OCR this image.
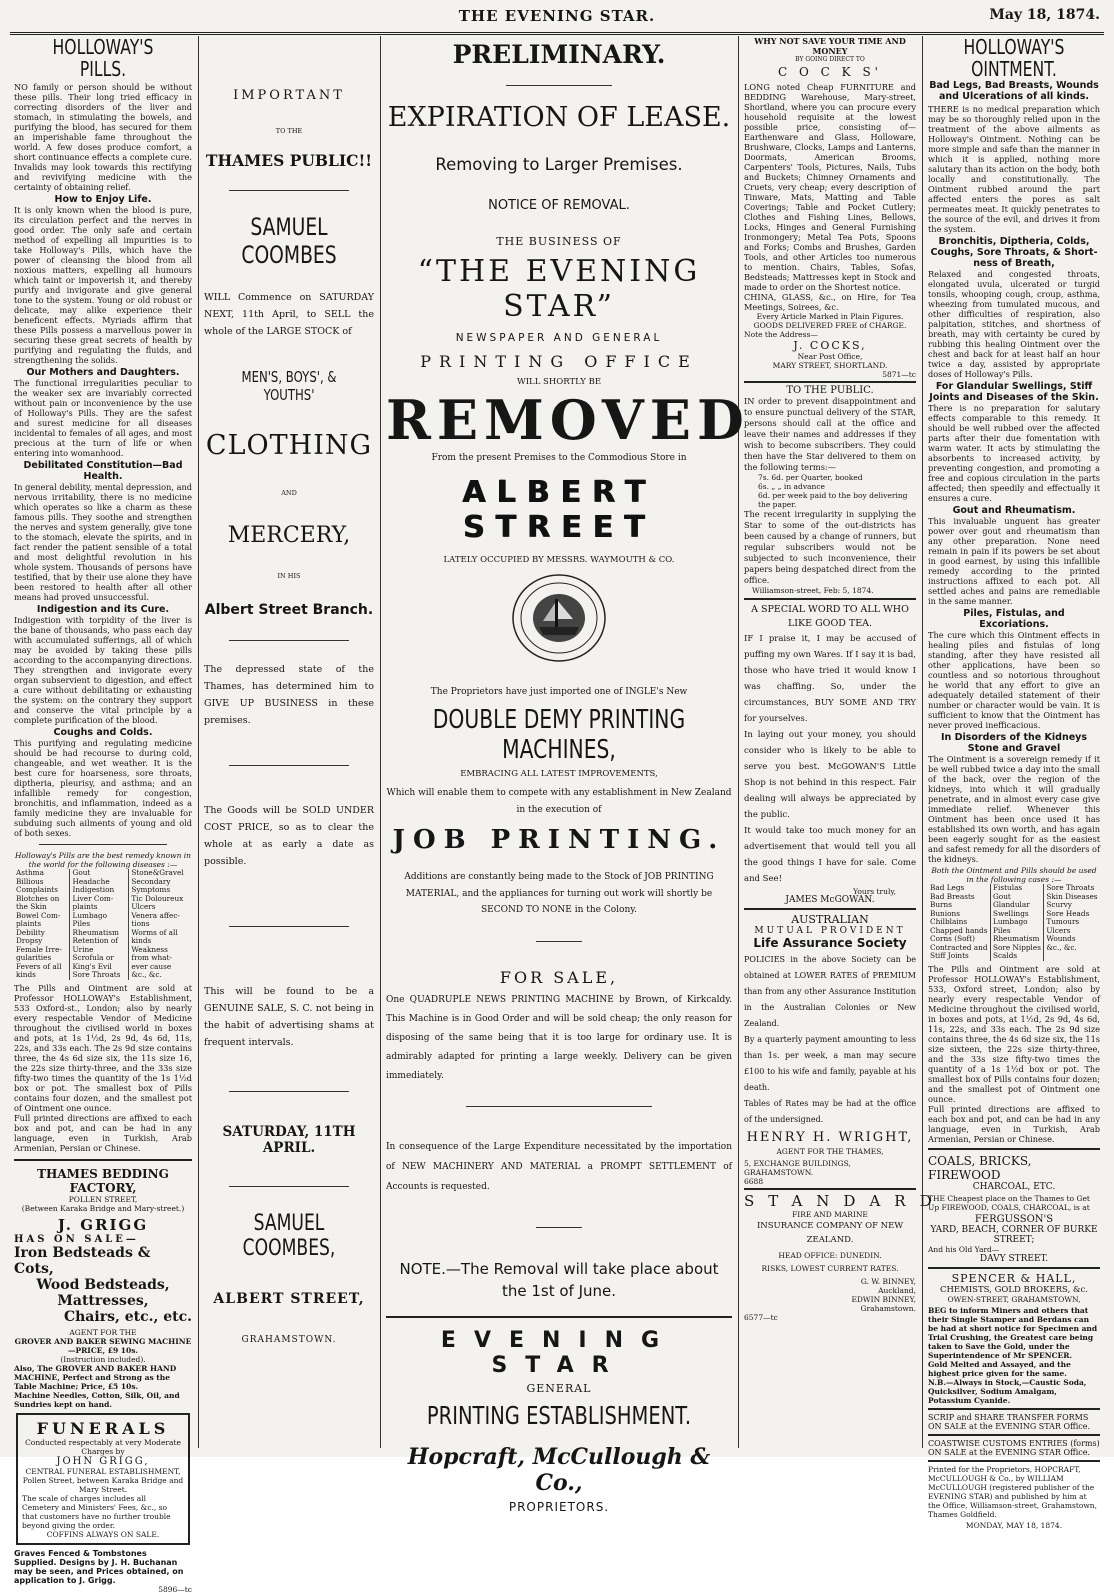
THE EVENING STAR.	May 18, 1874.
HOLLOWAY'S PILLS.

NO family or person should be without these pills. Their long tried efficacy in correcting disorders of the liver and stomach, in stimulating the bowels, and purifying the blood, has secured for them an imperishable fame throughout the world. A few doses produce comfort, a short continuance effects a complete cure. Invalids may look towards this rectifying and revivifying medicine with the certainty of obtaining relief.

How to Enjoy Life.

It is only known when the blood is pure, its circulation perfect and the nerves in good order. The only safe and certain method of expelling all impurities is to take Holloway's Pills, which have the power of cleansing the blood from all noxious matters, expelling all humours which taint or impoverish it, and thereby purify and invigorate and give general tone to the system. Young or old robust or delicate, may alike experience their beneficent effects. Myriads affirm that these Pills possess a marvellous power in securing these great secrets of health by purifying and regulating the fluids, and strengthening the solids.

Our Mothers and Daughters.

The functional irregularities peculiar to the weaker sex are invariably corrected without pain or inconvenience by the use of Holloway's Pills. They are the safest and surest medicine for all diseases incidental to females of all ages, and most precious at the turn of life or when entering into womanhood.

Debilitated Constitution—Bad Health.

In general debility, mental depression, and nervous irritability, there is no medicine which operates so like a charm as these famous pills. They soothe and strengthen the nerves and system generally, give tone to the stomach, elevate the spirits, and in fact render the patient sensible of a total and most delightful revolution in his whole system. Thousands of persons have testified, that by their use alone they have been restored to health after all other means had proved unsuccessful.

Indigestion and its Cure.

Indigestion with torpidity of the liver is the bane of thousands, who pass each day with accumulated sufferings, all of which may be avoided by taking these pills according to the accompanying directions. They strengthen and invigorate every organ subservient to digestion, and effect a cure without debilitating or exhausting the system: on the contrary they support and conserve the vital principle by a complete purification of the blood.

Coughs and Colds.

This purifying and regulating medicine should be had recourse to during cold, changeable, and wet weather. It is the best cure for hoarseness, sore throats, diptheria, pleurisy, and asthma; and an infallible remedy for congestion, bronchitis, and inflammation, indeed as a family medicine they are invaluable for subduing such ailments of young and old of both sexes.

Holloway's Pills are the best remedy known in the world for the following diseases :—

Asthma	Gout	Stone&Gravel
Billious	Headache	Secondary
Complaints	Indigestion	Symptoms
Blotches on	Liver Com-	Tic Doloureux
the Skin	plaints	Ulcers
Bowel Com-	Lumbago	Venera affec-
plaints	Piles	tions
Debility	Rheumatism	Worms of all
Dropsy	Retention of	kinds
Female Irre-	Urine	Weakness
gularities	Scrofula or	from what-
Fevers of all	King's Evil	ever cause
kinds	Sore Throats	&c., &c.

The Pills and Ointment are sold at Professor HOLLOWAY's Establishment, 533 Oxford-st., London; also by nearly every respectable Vendor of Medicine throughout the civilised world in boxes and pots, at 1s 1½d, 2s 9d, 4s 6d, 11s, 22s, and 33s each. The 2s 9d size contains three, the 4s 6d size six, the 11s size 16, the 22s size thirty-three, and the 33s size fifty-two times the quantity of the 1s 1½d box or pot. The smallest box of Pills contains four dozen, and the smallest pot of Ointment one ounce.

Full printed directions are affixed to each box and pot, and can be had in any language, even in Turkish, Arab Armenian, Persian or Chinese.

THAMES BEDDING FACTORY,

POLLEN STREET,

(Between Karaka Bridge and Mary-street.)

J. GRIGG

HAS ON SALE—

Iron Bedsteads & Cots,

Wood Bedsteads,

Mattresses,

Chairs, etc., etc.

AGENT FOR THE

GROVER AND BAKER SEWING MACHINE—PRICE, £9 10s.

(Instruction included).

Also, The GROVER AND BAKER HAND MACHINE, Perfect and Strong as the Table Machine; Price, £5 10s.

Machine Needles, Cotton, Silk, Oil, and Sundries kept on hand.

FUNERALS

Conducted respectably at very Moderate Charges by

JOHN GRIGG,

CENTRAL FUNERAL ESTABLISHMENT,

Pollen Street, between Karaka Bridge and Mary Street.

The scale of charges includes all Cemetery and Ministers' Fees, &c., so that customers have no further trouble beyond giving the order.

COFFINS ALWAYS ON SALE.

Graves Fenced & Tombstones Supplied. Designs by J. H. Buchanan may be seen, and Prices obtained, on application to J. Grigg.

5896—tc

IMPORTANT

TO THE

THAMES PUBLIC!!

SAMUEL COOMBES

WILL Commence on SATURDAY NEXT, 11th April, to SELL the whole of the LARGE STOCK of

MEN'S, BOYS', & YOUTHS'

CLOTHING

AND

MERCERY,

IN HIS

Albert Street Branch.

The depressed state of the Thames, has determined him to GIVE UP BUSINESS in these premises.

The Goods will be SOLD UNDER COST PRICE, so as to clear the whole at as early a date as possible.

This will be found to be a GENUINE SALE, S. C. not being in the habit of advertising shams at frequent intervals.

SATURDAY, 11TH APRIL.

SAMUEL COOMBES,

ALBERT STREET,

GRAHAMSTOWN.

PRELIMINARY.

EXPIRATION OF LEASE.

Removing to Larger Premises.

NOTICE OF REMOVAL.

THE BUSINESS OF

“THE EVENING STAR”

NEWSPAPER AND GENERAL

PRINTING OFFICE

WILL SHORTLY BE

REMOVED

From the present Premises to the Commodious Store in

ALBERT STREET

LATELY OCCUPIED BY MESSRS. WAYMOUTH & CO.

The Proprietors have just imported one of INGLE's New

DOUBLE DEMY PRINTING MACHINES,

EMBRACING ALL LATEST IMPROVEMENTS,

Which will enable them to compete with any establishment in New Zealand in the execution of

JOB PRINTING.

Additions are constantly being made to the Stock of JOB PRINTING MATERIAL, and the appliances for turning out work will shortly be

SECOND TO NONE in the Colony.

FOR SALE,

One QUADRUPLE NEWS PRINTING MACHINE by Brown, of Kirkcaldy. This Machine is in Good Order and will be sold cheap; the only reason for disposing of the same being that it is too large for ordinary use. It is admirably adapted for printing a large weekly. Delivery can be given immediately.

In consequence of the Large Expenditure necessitated by the importation of NEW MACHINERY AND MATERIAL a PROMPT SETTLEMENT of Accounts is requested.

NOTE.—The Removal will take place about the 1st of June.

EVENING STAR

GENERAL

PRINTING ESTABLISHMENT.

Hopcraft, McCullough & Co.,

PROPRIETORS.

WHY NOT SAVE YOUR TIME AND MONEY

BY GOING DIRECT TO

C O C K S'

LONG noted Cheap FURNITURE and BEDDING Warehouse, Mary-street, Shortland, where you can procure every household requisite at the lowest possible price, consisting of—Earthenware and Glass, Holloware, Brushware, Clocks, Lamps and Lanterns, Doormats, American Brooms, Carpenters' Tools, Pictures, Nails, Tubs and Buckets; Chimney Ornaments and Cruets, very cheap; every description of Tinware, Mats, Matting and Table Coverings; Table and Pocket Cutlery; Clothes and Fishing Lines, Bellows, Locks, Hinges and General Furnishing Ironmongery; Metal Tea Pots, Spoons and Forks; Combs and Brushes, Garden Tools, and other Articles too numerous to mention. Chairs, Tables, Sofas, Bedsteads; Mattresses kept in Stock and made to order on the Shortest notice.

CHINA, GLASS, &c., on Hire, for Tea Meetings, Soirees, &c.

Every Article Marked in Plain Figures.

GOODS DELIVERED FREE of CHARGE.

Note the Address—

J. COCKS,

Near Post Office,

MARY STREET, SHORTLAND.

5871—tc

TO THE PUBLIC.

IN order to prevent disappointment and to ensure punctual delivery of the STAR, persons should call at the office and leave their names and addresses if they wish to become subscribers. They could then have the Star delivered to them on the following terms:—

7s. 6d. per Quarter, booked

6s. „ „ in advance

6d. per week paid to the boy delivering the paper.

The recent irregularity in supplying the Star to some of the out-districts has been caused by a change of runners, but regular subscribers would not be subjected to such inconvenience, their papers being despatched direct from the office.

Williamson-street, Feb: 5, 1874.

A SPECIAL WORD TO ALL WHO LIKE GOOD TEA.

IF I praise it, I may be accused of puffing my own Wares. If I say it is bad, those who have tried it would know I was chaffing. So, under the circumstances, BUY SOME AND TRY for yourselves.

In laying out your money, you should consider who is likely to be able to serve you best. McGOWAN'S Little Shop is not behind in this respect. Fair dealing will always be appreciated by the public.

It would take too much money for an advertisement that would tell you all the good things I have for sale. Come and See!

Yours truly,

JAMES McGOWAN.

AUSTRALIAN

MUTUAL PROVIDENT

Life Assurance Society

POLICIES in the above Society can be obtained at LOWER RATES of PREMIUM than from any other Assurance Institution in the Australian Colonies or New Zealand.

By a quarterly payment amounting to less than 1s. per week, a man may secure £100 to his wife and family, payable at his death.

Tables of Rates may be had at the office of the undersigned.

HENRY H. WRIGHT,

AGENT FOR THE THAMES,

5, EXCHANGE BUILDINGS, GRAHAMSTOWN.

6688

STANDARD

FIRE AND MARINE

INSURANCE COMPANY OF NEW ZEALAND.

HEAD OFFICE: DUNEDIN.

RISKS, LOWEST CURRENT RATES.

G. W. BINNEY,

Auckland,

EDWIN BINNEY,

Grahamstown.

6577—tc

HOLLOWAY'S OINTMENT.

Bad Legs, Bad Breasts, Wounds and Ulcerations of all kinds.

THERE is no medical preparation which may be so thoroughly relied upon in the treatment of the above ailments as Holloway's Ointment. Nothing can be more simple and safe than the manner in which it is applied, nothing more salutary than its action on the body, both locally and constitutionally. The Ointment rubbed around the part affected enters the pores as salt permeates meat. It quickly penetrates to the source of the evil, and drives it from the system.

Bronchitis, Diptheria, Colds, Coughs, Sore Throats, & Short-ness of Breath,

Relaxed and congested throats, elongated uvula, ulcerated or turgid tonsils, whooping cough, croup, asthma, wheezing from tumulated mucous, and other difficulties of respiration, also palpitation, stitches, and shortness of breath, may with certainty be cured by rubbing this healing Ointment over the chest and back for at least half an hour twice a day, assisted by appropriate doses of Holloway's Pills.

For Glandular Swellings, Stiff Joints and Diseases of the Skin.

There is no preparation for salutary effects comparable to this remedy. It should be well rubbed over the affected parts after their due fomentation with warm water. It acts by stimulating the absorbents to increased activity, by preventing congestion, and promoting a free and copious circulation in the parts affected; then speedily and effectually it ensures a cure.

Gout and Rheumatism.

This invaluable unguent has greater power over gout and rheumatism than any other preparation. None need remain in pain if its powers be set about in good earnest, by using this infallible remedy according to the printed instructions affixed to each pot. All settled aches and pains are remediable in the same manner.

Piles, Fistulas, and Excoriations.

The cure which this Ointment effects in healing piles and fistulas of long standing, after they have resisted all other applications, have been so countless and so notorious throughout he world that any effort to give an adequately detailed statement of their number or character would be vain. It is sufficient to know that the Ointment has never proved inefficacious.

In Disorders of the Kidneys Stone and Gravel

The Ointment is a sovereign remedy if it be well rubbed twice a day into the small of the back, over the region of the kidneys, into which it will gradually penetrate, and in almost every case give immediate relief. Whenever this Ointment has been once used it has established its own worth, and has again been eagerly sought for as the easiest and safest remedy for all the disorders of the kidneys.

Both the Ointment and Pills should be used in the following cases :—

Bad Legs	Fistulas	Sore Throats
Bad Breasts	Gout	Skin Diseases
Burns	Glandular	Scurvy
Bunions	Swellings	Sore Heads
Chilblains	Lumbago	Tumours
Chapped hands	Piles	Ulcers
Corns (Soft)	Rheumatism	Wounds
Contracted and	Sore Nipples	&c., &c.
Stiff Joints	Scalds	

The Pills and Ointment are sold at Professor HOLLOWAY's Establishment, 533, Oxford street, London; also by nearly every respectable Vendor of Medicine throughout the civilised world, in boxes and pots, at 1½d, 2s 9d, 4s 6d, 11s, 22s, and 33s each. The 2s 9d size contains three, the 4s 6d size six, the 11s size sixteen, the 22s size thirty-three, and the 33s size fifty-two times the quantity of a 1s 1½d box or pot. The smallest box of Pills contains four dozen; and the smallest pot of Ointment one ounce.

Full printed directions are affixed to each box and pot, and can be had in any language, even in Turkish, Arab Armenian, Persian or Chinese.

COALS, BRICKS, FIREWOOD

CHARCOAL, ETC.

THE Cheapest place on the Thames to Get Up FIREWOOD, COALS, CHARCOAL, is at

FERGUSSON'S

YARD, BEACH, CORNER OF BURKE STREET;

And his Old Yard—

DAVY STREET.

SPENCER & HALL,

CHEMISTS, GOLD BROKERS, &c.

OWEN-STREET, GRAHAMSTOWN,

BEG to inform Miners and others that their Single Stamper and Berdans can be had at short notice for Specimen and Trial Crushing, the Greatest care being taken to Save the Gold, under the Superintendence of Mr SPENCER.

Gold Melted and Assayed, and the highest price given for the same.

N.B.—Always in Stock,—Caustic Soda, Quicksilver, Sodium Amalgam, Potassium Cyanide.

SCRIP and SHARE TRANSFER FORMS ON SALE at the EVENING STAR Office.

COASTWISE CUSTOMS ENTRIES (forms) ON SALE at the EVENING STAR Office.

Printed for the Proprietors, HOPCRAFT, McCULLOUGH & Co., by WILLIAM McCULLOUGH (registered publisher of the EVENING STAR) and published by him at the Office, Williamson-street, Grahamstown, Thames Goldfield.

MONDAY, MAY 18, 1874.
